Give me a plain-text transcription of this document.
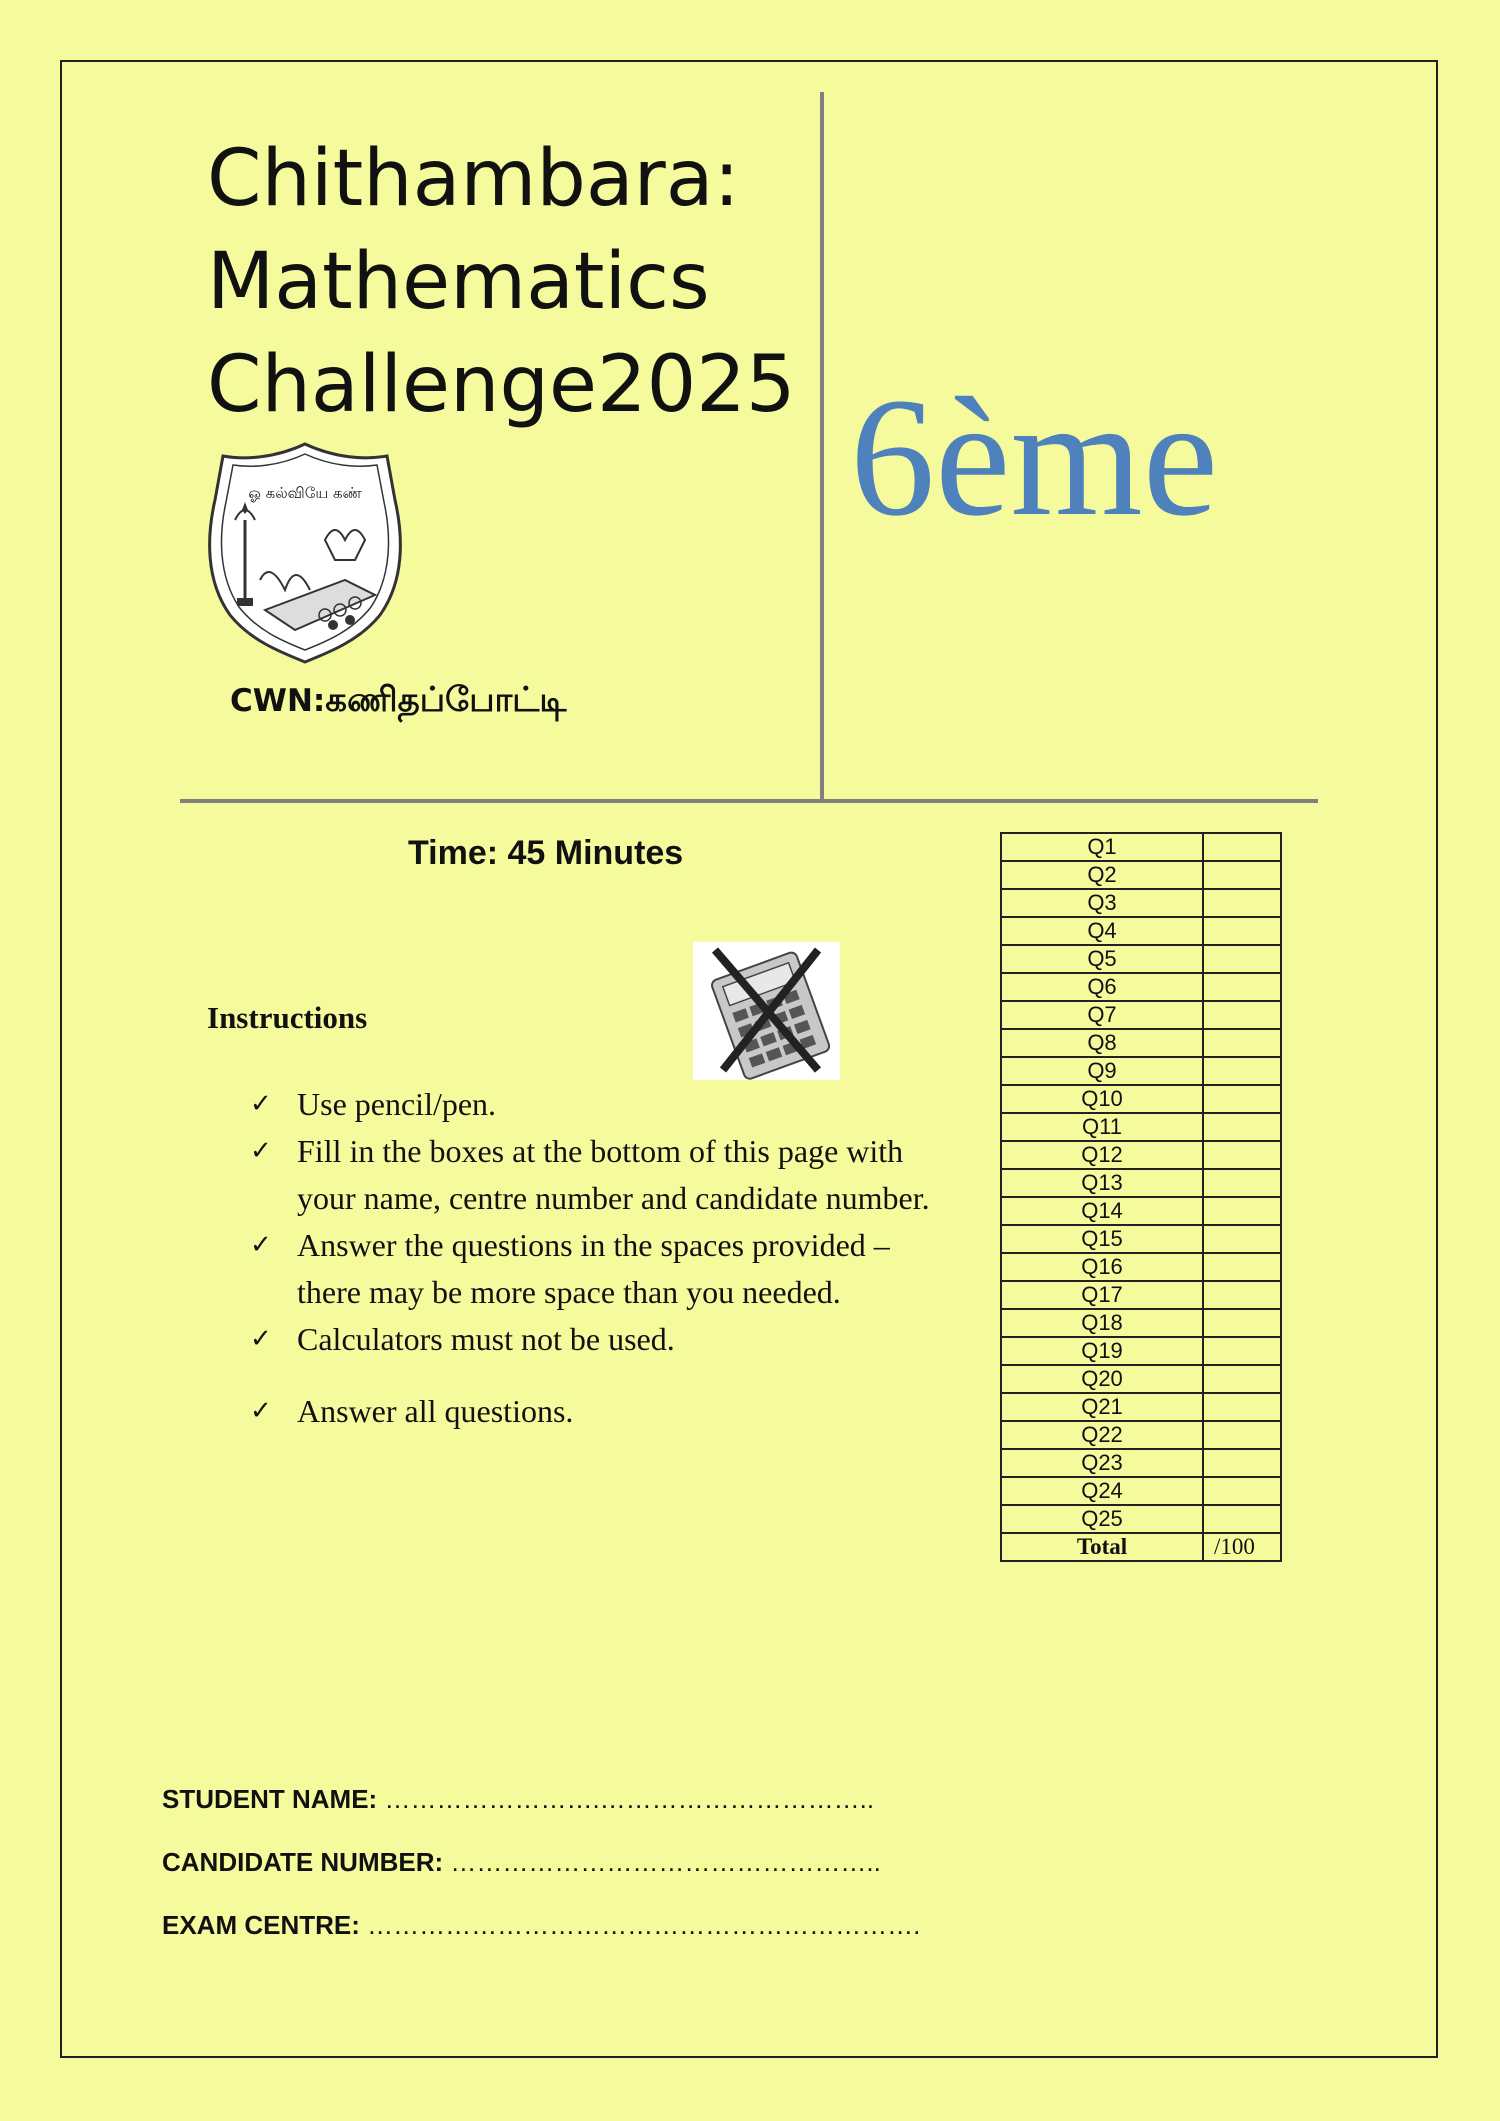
Chithambara:
Mathematics
Challenge2025 6ème
ஓ கல்வியே கண்
CWN:கணிதப்போட்டி
Time: 45 Minutes
Instructions
✓ Use pencil/pen.
✓ Fill in the boxes at the bottom of this page with your name, centre number and candidate number.
✓ Answer the questions in the spaces provided – there may be more space than you needed.
✓ Calculators must not be used.
✓ Answer all questions.
Q1	
Q2	
Q3	
Q4	
Q5	
Q6	
Q7	
Q8	
Q9	
Q10	
Q11	
Q12	
Q13	
Q14	
Q15	
Q16	
Q17	
Q18	
Q19	
Q20	
Q21	
Q22	
Q23	
Q24	
Q25	
Total	/100
STUDENT NAME: …………………….…………………………..
CANDIDATE NUMBER: …………………………………………..
EXAM CENTRE: ……………………………………………………….
